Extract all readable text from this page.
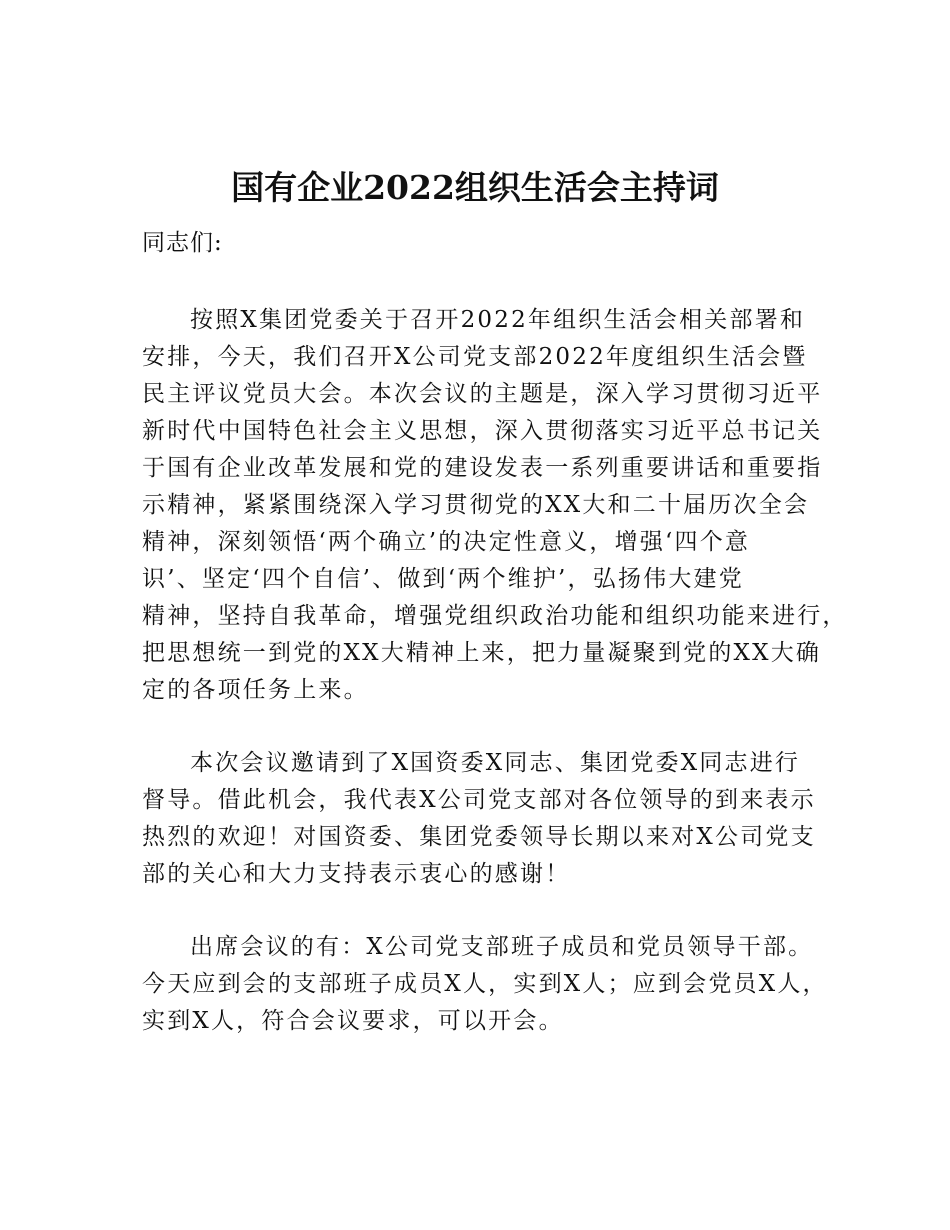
国有企业2022组织生活会主持词

同志们:

按照X集团党委关于召开2022年组织生活会相关部署和
安排，今天，我们召开X公司党支部2022年度组织生活会暨
民主评议党员大会。本次会议的主题是，深入学习贯彻习近平
新时代中国特色社会主义思想，深入贯彻落实习近平总书记关
于国有企业改革发展和党的建设发表一系列重要讲话和重要指
示精神，紧紧围绕深入学习贯彻党的XX大和二十届历次全会
精神，深刻领悟‘两个确立’的决定性意义，增强‘四个意
识’、坚定‘四个自信’、做到‘两个维护’，弘扬伟大建党
精神，坚持自我革命，增强党组织政治功能和组织功能来进行，
把思想统一到党的XX大精神上来，把力量凝聚到党的XX大确
定的各项任务上来。

本次会议邀请到了X国资委X同志、集团党委X同志进行
督导。借此机会，我代表X公司党支部对各位领导的到来表示
热烈的欢迎！对国资委、集团党委领导长期以来对X公司党支
部的关心和大力支持表示衷心的感谢！

出席会议的有：X公司党支部班子成员和党员领导干部。
今天应到会的支部班子成员X人，实到X人；应到会党员X人，
实到X人，符合会议要求，可以开会。
